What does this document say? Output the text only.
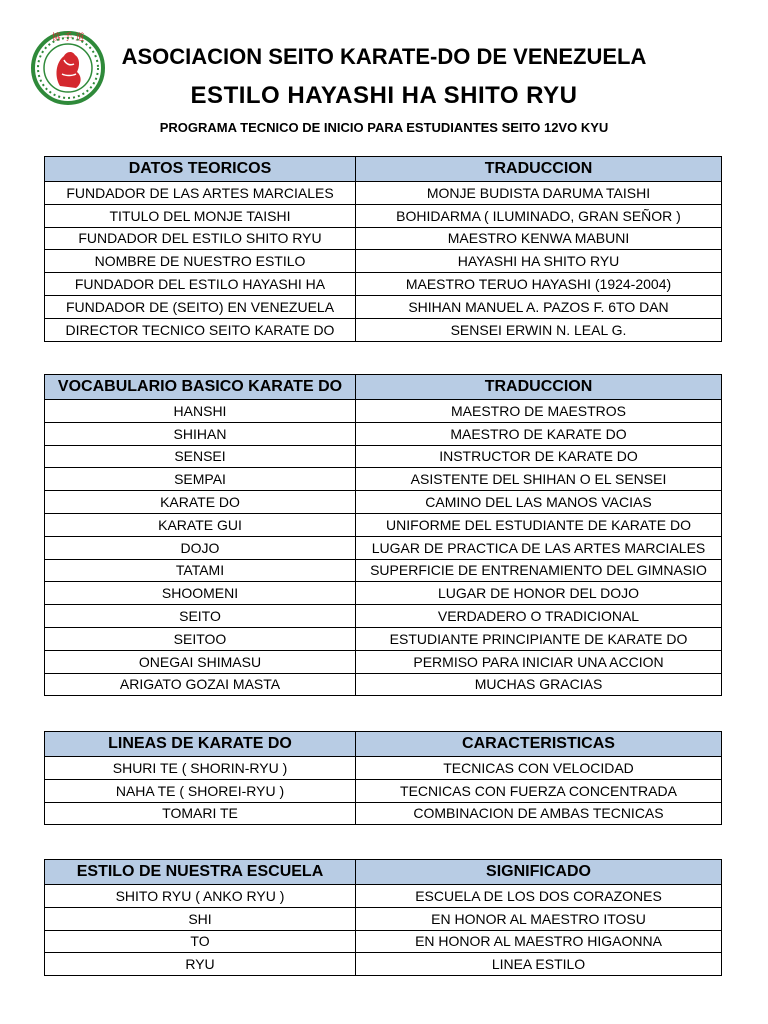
協 手 道
ASOCIACION SEITO KARATE-DO DE VENEZUELA
ESTILO HAYASHI HA SHITO RYU
PROGRAMA TECNICO DE INICIO PARA ESTUDIANTES SEITO 12VO KYU
DATOS TEORICOS	TRADUCCION
FUNDADOR DE LAS ARTES MARCIALES	MONJE BUDISTA DARUMA TAISHI
TITULO DEL MONJE TAISHI	BOHIDARMA ( ILUMINADO, GRAN SEÑOR )
FUNDADOR DEL ESTILO SHITO RYU	MAESTRO KENWA MABUNI
NOMBRE DE NUESTRO ESTILO	HAYASHI HA SHITO RYU
FUNDADOR DEL ESTILO HAYASHI HA	MAESTRO TERUO HAYASHI (1924-2004)
FUNDADOR DE (SEITO) EN VENEZUELA	SHIHAN MANUEL A. PAZOS F. 6TO DAN
DIRECTOR TECNICO SEITO KARATE DO	SENSEI ERWIN N. LEAL G.
VOCABULARIO BASICO KARATE DO	TRADUCCION
HANSHI	MAESTRO DE MAESTROS
SHIHAN	MAESTRO DE KARATE DO
SENSEI	INSTRUCTOR DE KARATE DO
SEMPAI	ASISTENTE DEL SHIHAN O EL SENSEI
KARATE DO	CAMINO DEL LAS MANOS VACIAS
KARATE GUI	UNIFORME DEL ESTUDIANTE DE KARATE DO
DOJO	LUGAR DE PRACTICA DE LAS ARTES MARCIALES
TATAMI	SUPERFICIE DE ENTRENAMIENTO DEL GIMNASIO
SHOOMENI	LUGAR DE HONOR DEL DOJO
SEITO	VERDADERO O TRADICIONAL
SEITOO	ESTUDIANTE PRINCIPIANTE DE KARATE DO
ONEGAI SHIMASU	PERMISO PARA INICIAR UNA ACCION
ARIGATO GOZAI MASTA	MUCHAS GRACIAS
LINEAS DE KARATE DO	CARACTERISTICAS
SHURI TE ( SHORIN-RYU )	TECNICAS CON VELOCIDAD
NAHA TE ( SHOREI-RYU )	TECNICAS CON FUERZA CONCENTRADA
TOMARI TE	COMBINACION DE AMBAS TECNICAS
ESTILO DE NUESTRA ESCUELA	SIGNIFICADO
SHITO RYU ( ANKO RYU )	ESCUELA DE LOS DOS CORAZONES
SHI	EN HONOR AL MAESTRO ITOSU
TO	EN HONOR AL MAESTRO HIGAONNA
RYU	LINEA ESTILO
